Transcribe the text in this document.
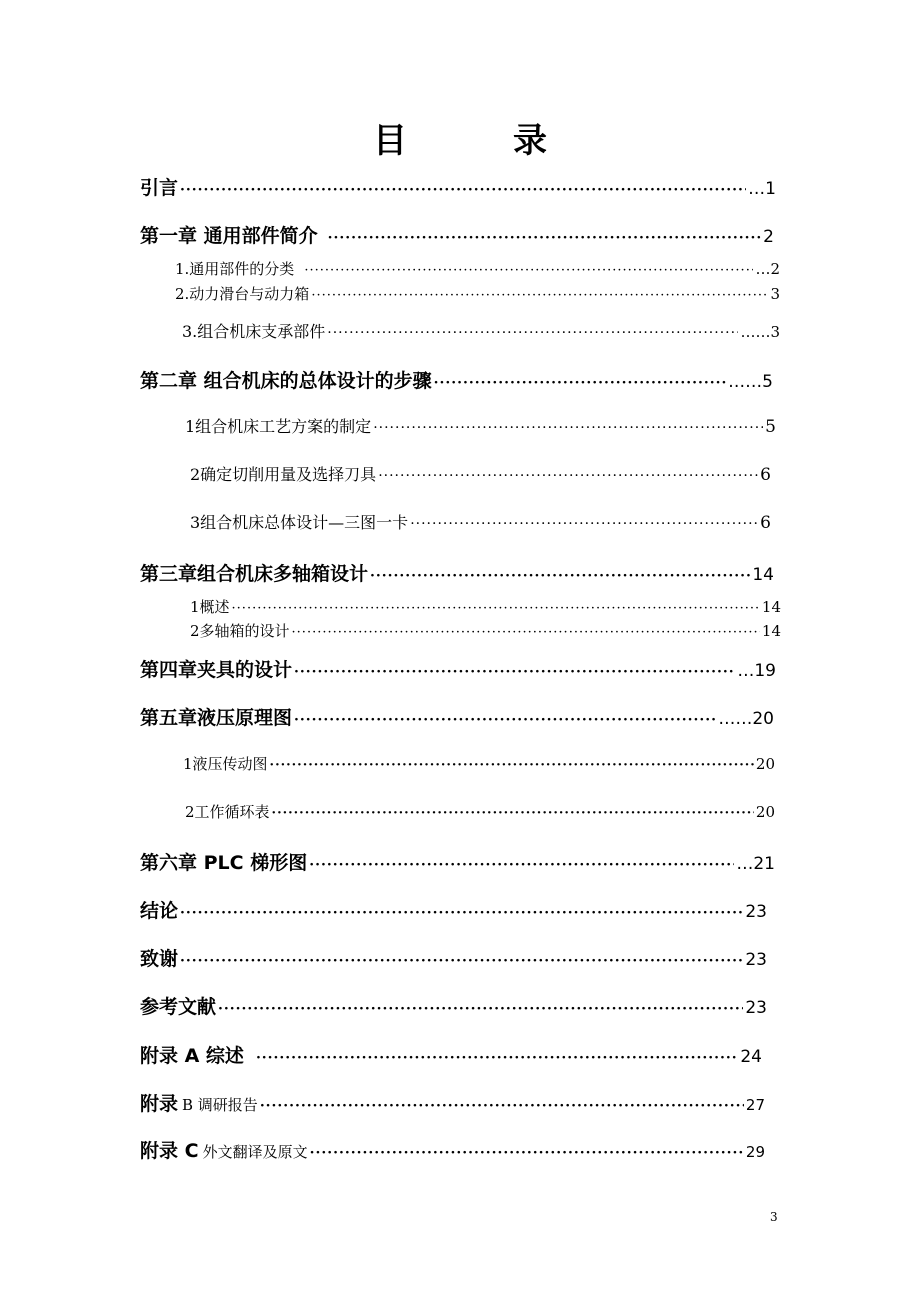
目　录
引言 ·····	…1
第一章 通用部件简介 ·····	2
1.通用部件的分类 ·····	…2
2.动力滑台与动力箱 ·····	3
3.组合机床支承部件 ·····	……3
第二章 组合机床的总体设计的步骤 ·····	……5
1组合机床工艺方案的制定 ·····	5
2确定切削用量及选择刀具 ·····	6
3组合机床总体设计—三图一卡 ·····	6
第三章组合机床多轴箱设计 ·····	14
1概述 ·····	14
2多轴箱的设计 ·····	14
第四章夹具的设计 ·····	…19
第五章液压原理图 ·····	……20
1液压传动图 ·····	20
2工作循环表 ·····	20
第六章 PLC 梯形图 ·····	…21
结论 ·····	23
致谢 ·····	23
参考文献 ·····	23
附录 A 综述 ·····	24
附录 B 调研报告 ·····	27
附录 C 外文翻译及原文 ·····	29
3
